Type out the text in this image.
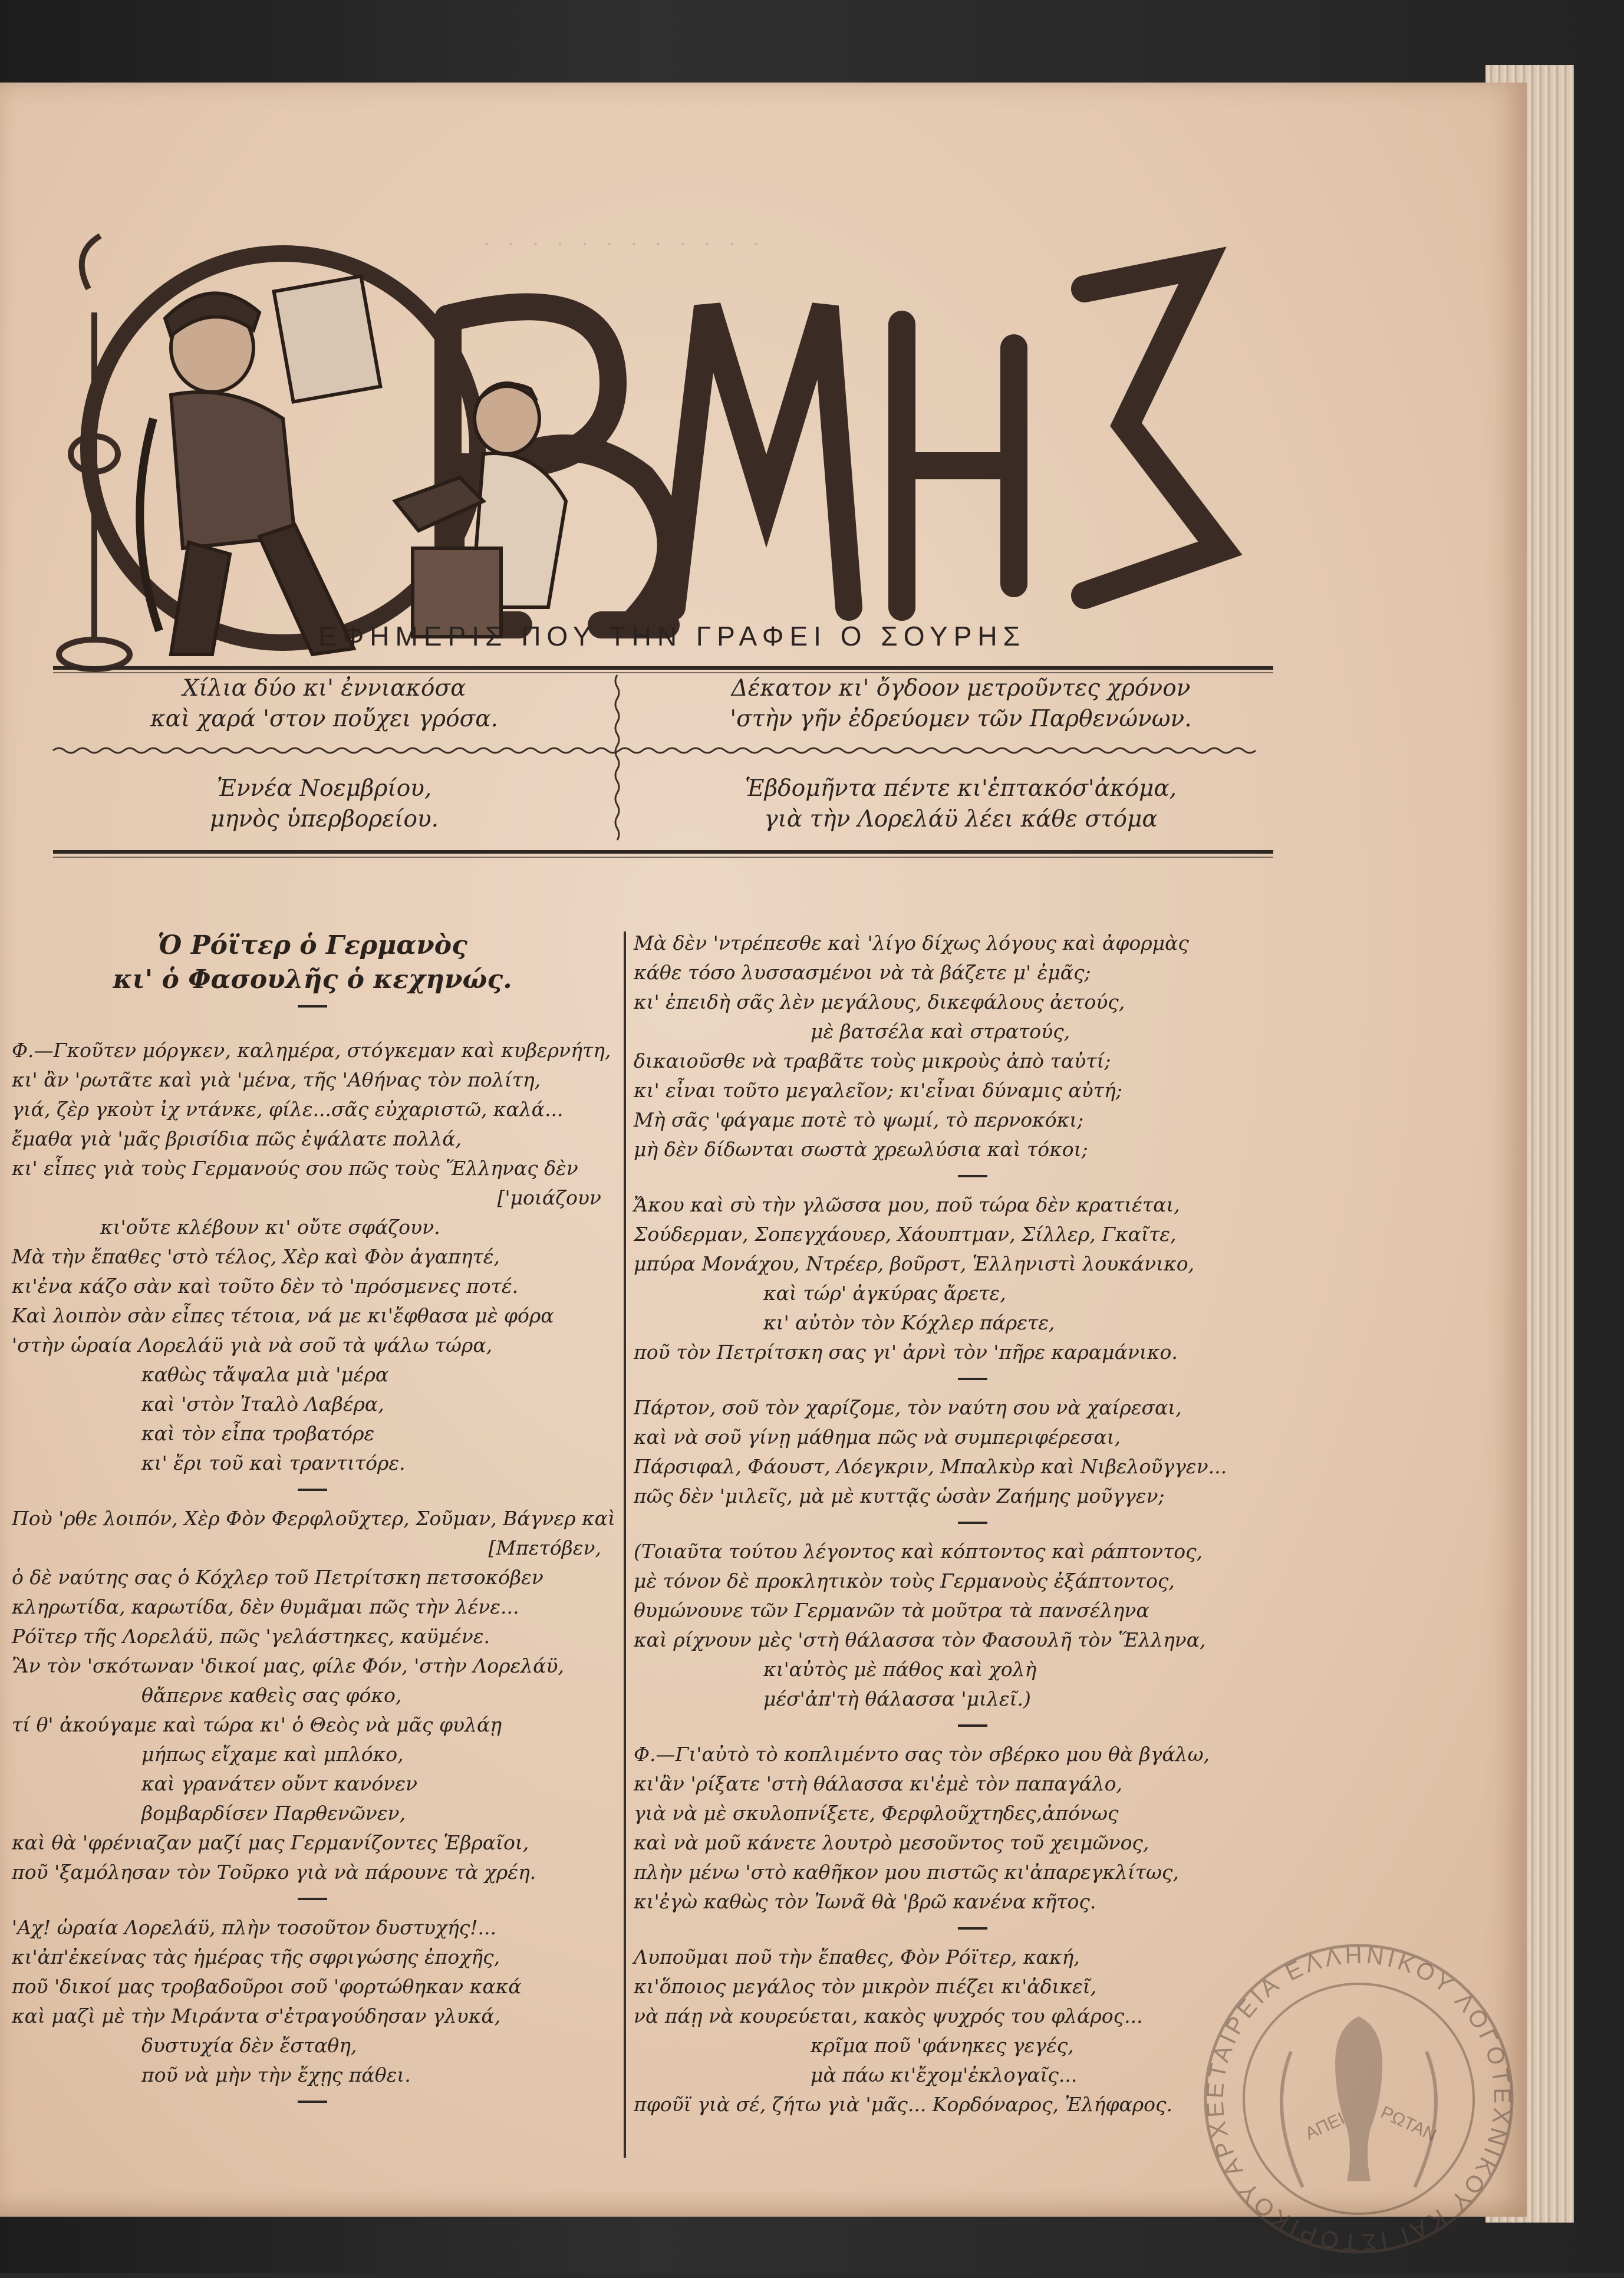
· · · · · · · · · · · ·
ΕΦΗΜΕΡΙΣ ΠΟΥ ΤΗΝ ΓΡΑΦΕΙ Ο ΣΟΥΡΗΣ
Χίλια δύο κι' ἐννιακόσα
καὶ χαρά 'στον ποὔχει γρόσα.
Δέκατον κι' ὄγδοον μετροῦντες χρόνον
'στὴν γῆν ἐδρεύομεν τῶν Παρθενώνων.
Ἐννέα Νοεμβρίου,
μηνὸς ὑπερβορείου.
Ἑβδομῆντα πέντε κι'ἑπτακόσ'ἀκόμα,
γιὰ τὴν Λορελάϋ λέει κάθε στόμα
Ὁ Ρόϊτερ ὁ Γερμανὸς
κι' ὁ Φασουλῆς ὁ κεχηνώς.
Φ.—Γκοῦτεν μόργκεν, καλημέρα, στόγκεμαν καὶ κυβερνήτη,
κι' ἂν 'ρωτᾶτε καὶ γιὰ 'μένα, τῆς 'Αθήνας τὸν πολίτη,
γιά, ζὲρ γκοὺτ ἰχ ντάνκε, φίλε...σᾶς εὐχαριστῶ, καλά...
ἔμαθα γιὰ 'μᾶς βρισίδια πῶς ἐψάλατε πολλά,
κι' εἶπες γιὰ τοὺς Γερμανούς σου πῶς τοὺς Ἕλληνας δὲν
['μοιάζουν
κι'οὔτε κλέβουν κι' οὔτε σφάζουν.
Μὰ τὴν ἔπαθες 'στὸ τέλος, Χὲρ καὶ Φὸν ἀγαπητέ,
κι'ἐνα κάζο σὰν καὶ τοῦτο δὲν τὸ 'πρόσμενες ποτέ.
Καὶ λοιπὸν σὰν εἶπες τέτοια, νά με κι'ἔφθασα μὲ φόρα
'στὴν ὡραία Λορελάϋ γιὰ νὰ σοῦ τὰ ψάλω τώρα,
καθὼς τἄψαλα μιὰ 'μέρα
καὶ 'στὸν Ἰταλὸ Λαβέρα,
καὶ τὸν εἶπα τροβατόρε
κι' ἔρι τοῦ καὶ τραντιτόρε.
Ποὺ 'ρθε λοιπόν, Χὲρ Φὸν Φερφλοῦχτερ, Σοῦμαν, Βάγνερ καὶ
[Μπετόβεν,
ὁ δὲ ναύτης σας ὁ Κόχλερ τοῦ Πετρίτσκη πετσοκόβεν
κληρωτίδα, καρωτίδα, δὲν θυμᾶμαι πῶς τὴν λένε...
Ρόϊτερ τῆς Λορελάϋ, πῶς 'γελάστηκες, καϋμένε.
Ἂν τὸν 'σκότωναν 'δικοί μας, φίλε Φόν, 'στὴν Λορελάϋ,
θἄπερνε καθεὶς σας φόκο,
τί θ' ἀκούγαμε καὶ τώρα κι' ὁ Θεὸς νὰ μᾶς φυλάῃ
μήπως εἴχαμε καὶ μπλόκο,
καὶ γρανάτεν οὔντ κανόνεν
βομβαρδίσεν Παρθενῶνεν,
καὶ θὰ 'φρένιαζαν μαζί μας Γερμανίζοντες Ἑβραῖοι,
ποῦ 'ξαμόλησαν τὸν Τοῦρκο γιὰ νὰ πάρουνε τὰ χρέη.
'Αχ! ὡραία Λορελάϋ, πλὴν τοσοῦτον δυστυχής!...
κι'ἀπ'ἐκείνας τὰς ἡμέρας τῆς σφριγώσης ἐποχῆς,
ποῦ 'δικοί μας τροβαδοῦροι σοῦ 'φορτώθηκαν κακά
καὶ μαζὶ μὲ τὴν Μιράντα σ'ἐτραγούδησαν γλυκά,
δυστυχία δὲν ἔσταθη,
ποῦ νὰ μὴν τὴν ἔχῃς πάθει.
Μὰ δὲν 'ντρέπεσθε καὶ 'λίγο δίχως λόγους καὶ ἀφορμὰς
κάθε τόσο λυσσασμένοι νὰ τὰ βάζετε μ' ἐμᾶς;
κι' ἐπειδὴ σᾶς λὲν μεγάλους, δικεφάλους ἀετούς,
μὲ βατσέλα καὶ στρατούς,
δικαιοῦσθε νὰ τραβᾶτε τοὺς μικροὺς ἀπὸ ταὐτί;
κι' εἶναι τοῦτο μεγαλεῖον; κι'εἶναι δύναμις αὐτή;
Μὴ σᾶς 'φάγαμε ποτὲ τὸ ψωμί, τὸ περνοκόκι;
μὴ δὲν δίδωνται σωστὰ χρεωλύσια καὶ τόκοι;
Ἄκου καὶ σὺ τὴν γλῶσσα μου, ποῦ τώρα δὲν κρατιέται,
Σούδερμαν, Σοπεγχάουερ, Χάουπτμαν, Σίλλερ, Γκαῖτε,
μπύρα Μονάχου, Ντρέερ, βοῦρστ, Ἑλληνιστὶ λουκάνικο,
καὶ τώρ' ἀγκύρας ἄρετε,
κι' αὐτὸν τὸν Κόχλερ πάρετε,
ποῦ τὸν Πετρίτσκη σας γι' ἀρνὶ τὸν 'πῆρε καραμάνικο.
Πάρτον, σοῦ τὸν χαρίζομε, τὸν ναύτη σου νὰ χαίρεσαι,
καὶ νὰ σοῦ γίνῃ μάθημα πῶς νὰ συμπεριφέρεσαι,
Πάρσιφαλ, Φάουστ, Λόεγκριν, Μπαλκὺρ καὶ Νιβελοῦγγεν...
πῶς δὲν 'μιλεῖς, μὰ μὲ κυττᾷς ὡσὰν Ζαήμης μοῦγγεν;
(Τοιαῦτα τούτου λέγοντος καὶ κόπτοντος καὶ ράπτοντος,
μὲ τόνον δὲ προκλητικὸν τοὺς Γερμανοὺς ἐξάπτοντος,
θυμώνουνε τῶν Γερμανῶν τὰ μοῦτρα τὰ πανσέληνα
καὶ ρίχνουν μὲς 'στὴ θάλασσα τὸν Φασουλῆ τὸν Ἕλληνα,
κι'αὐτὸς μὲ πάθος καὶ χολὴ
μέσ'ἀπ'τὴ θάλασσα 'μιλεῖ.)
Φ.—Γι'αὐτὸ τὸ κοπλιμέντο σας τὸν σβέρκο μου θὰ βγάλω,
κι'ἂν 'ρίξατε 'στὴ θάλασσα κι'ἐμὲ τὸν παπαγάλο,
γιὰ νὰ μὲ σκυλοπνίξετε, Φερφλοῦχτηδες,ἀπόνως
καὶ νὰ μοῦ κάνετε λουτρὸ μεσοῦντος τοῦ χειμῶνος,
πλὴν μένω 'στὸ καθῆκον μου πιστῶς κι'ἀπαρεγκλίτως,
κι'ἐγὼ καθὼς τὸν Ἰωνᾶ θὰ 'βρῶ κανένα κῆτος.
Λυποῦμαι ποῦ τὴν ἔπαθες, Φὸν Ρόϊτερ, κακή,
κι'ὅποιος μεγάλος τὸν μικρὸν πιέζει κι'ἀδικεῖ,
νὰ πάῃ νὰ κουρεύεται, κακὸς ψυχρός του φλάρος...
κρῖμα ποῦ 'φάνηκες γεγές,
μὰ πάω κι'ἔχομ'ἐκλογαῖς...
πφοῦϊ γιὰ σέ, ζήτω γιὰ 'μᾶς... Κορδόναρος, Ἐλήφαρος.
ΕΤΑΙΡΕΙΑ ΕΛΛΗΝΙΚΟΥ ΛΟΓΟΤΕΧΝΙΚΟΥ ΚΑΙ ΙΣΤΟΡΙΚΟΥ ΑΡΧΕ
ΑΠΕΙ ΡΩΤΑΝ
